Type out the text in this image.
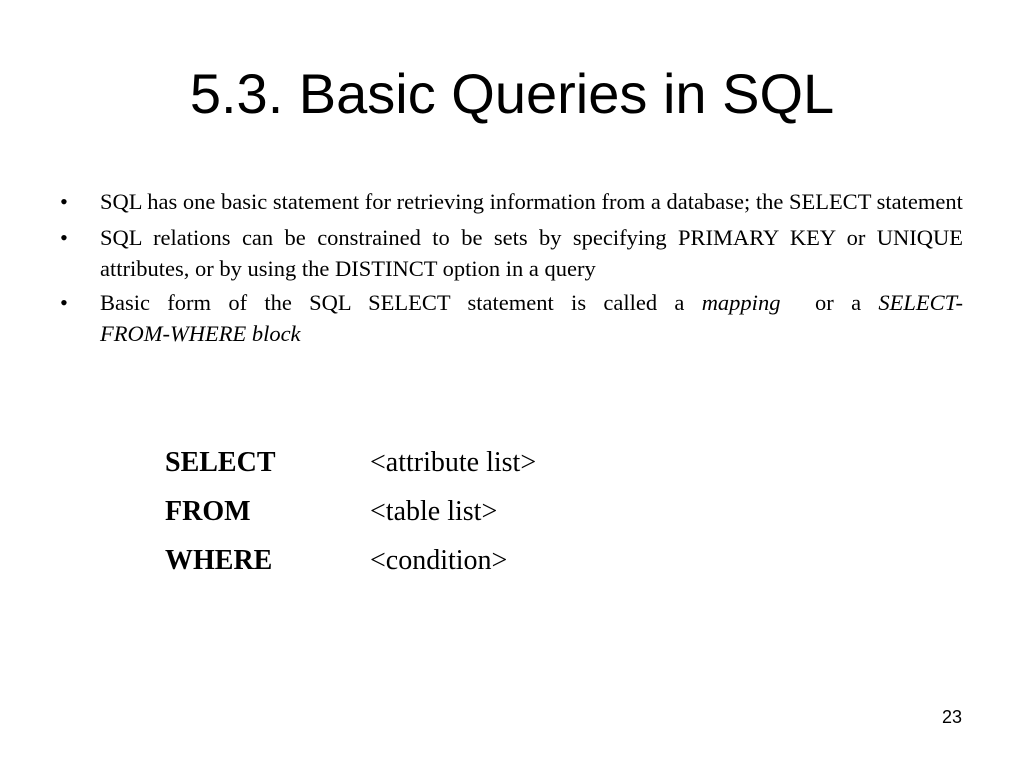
5.3. Basic Queries in SQL
•	SQL has one basic statement for retrieving information from a database; the SELECT statement
•	SQL relations can be constrained to be sets by specifying PRIMARY KEY or UNIQUE attributes, or by using the DISTINCT option in a query
•	Basic form of the SQL SELECT statement is called a mapping  or a SELECT-FROM-WHERE block
SELECT	<attribute list>
FROM	<table list>
WHERE	<condition>
23
